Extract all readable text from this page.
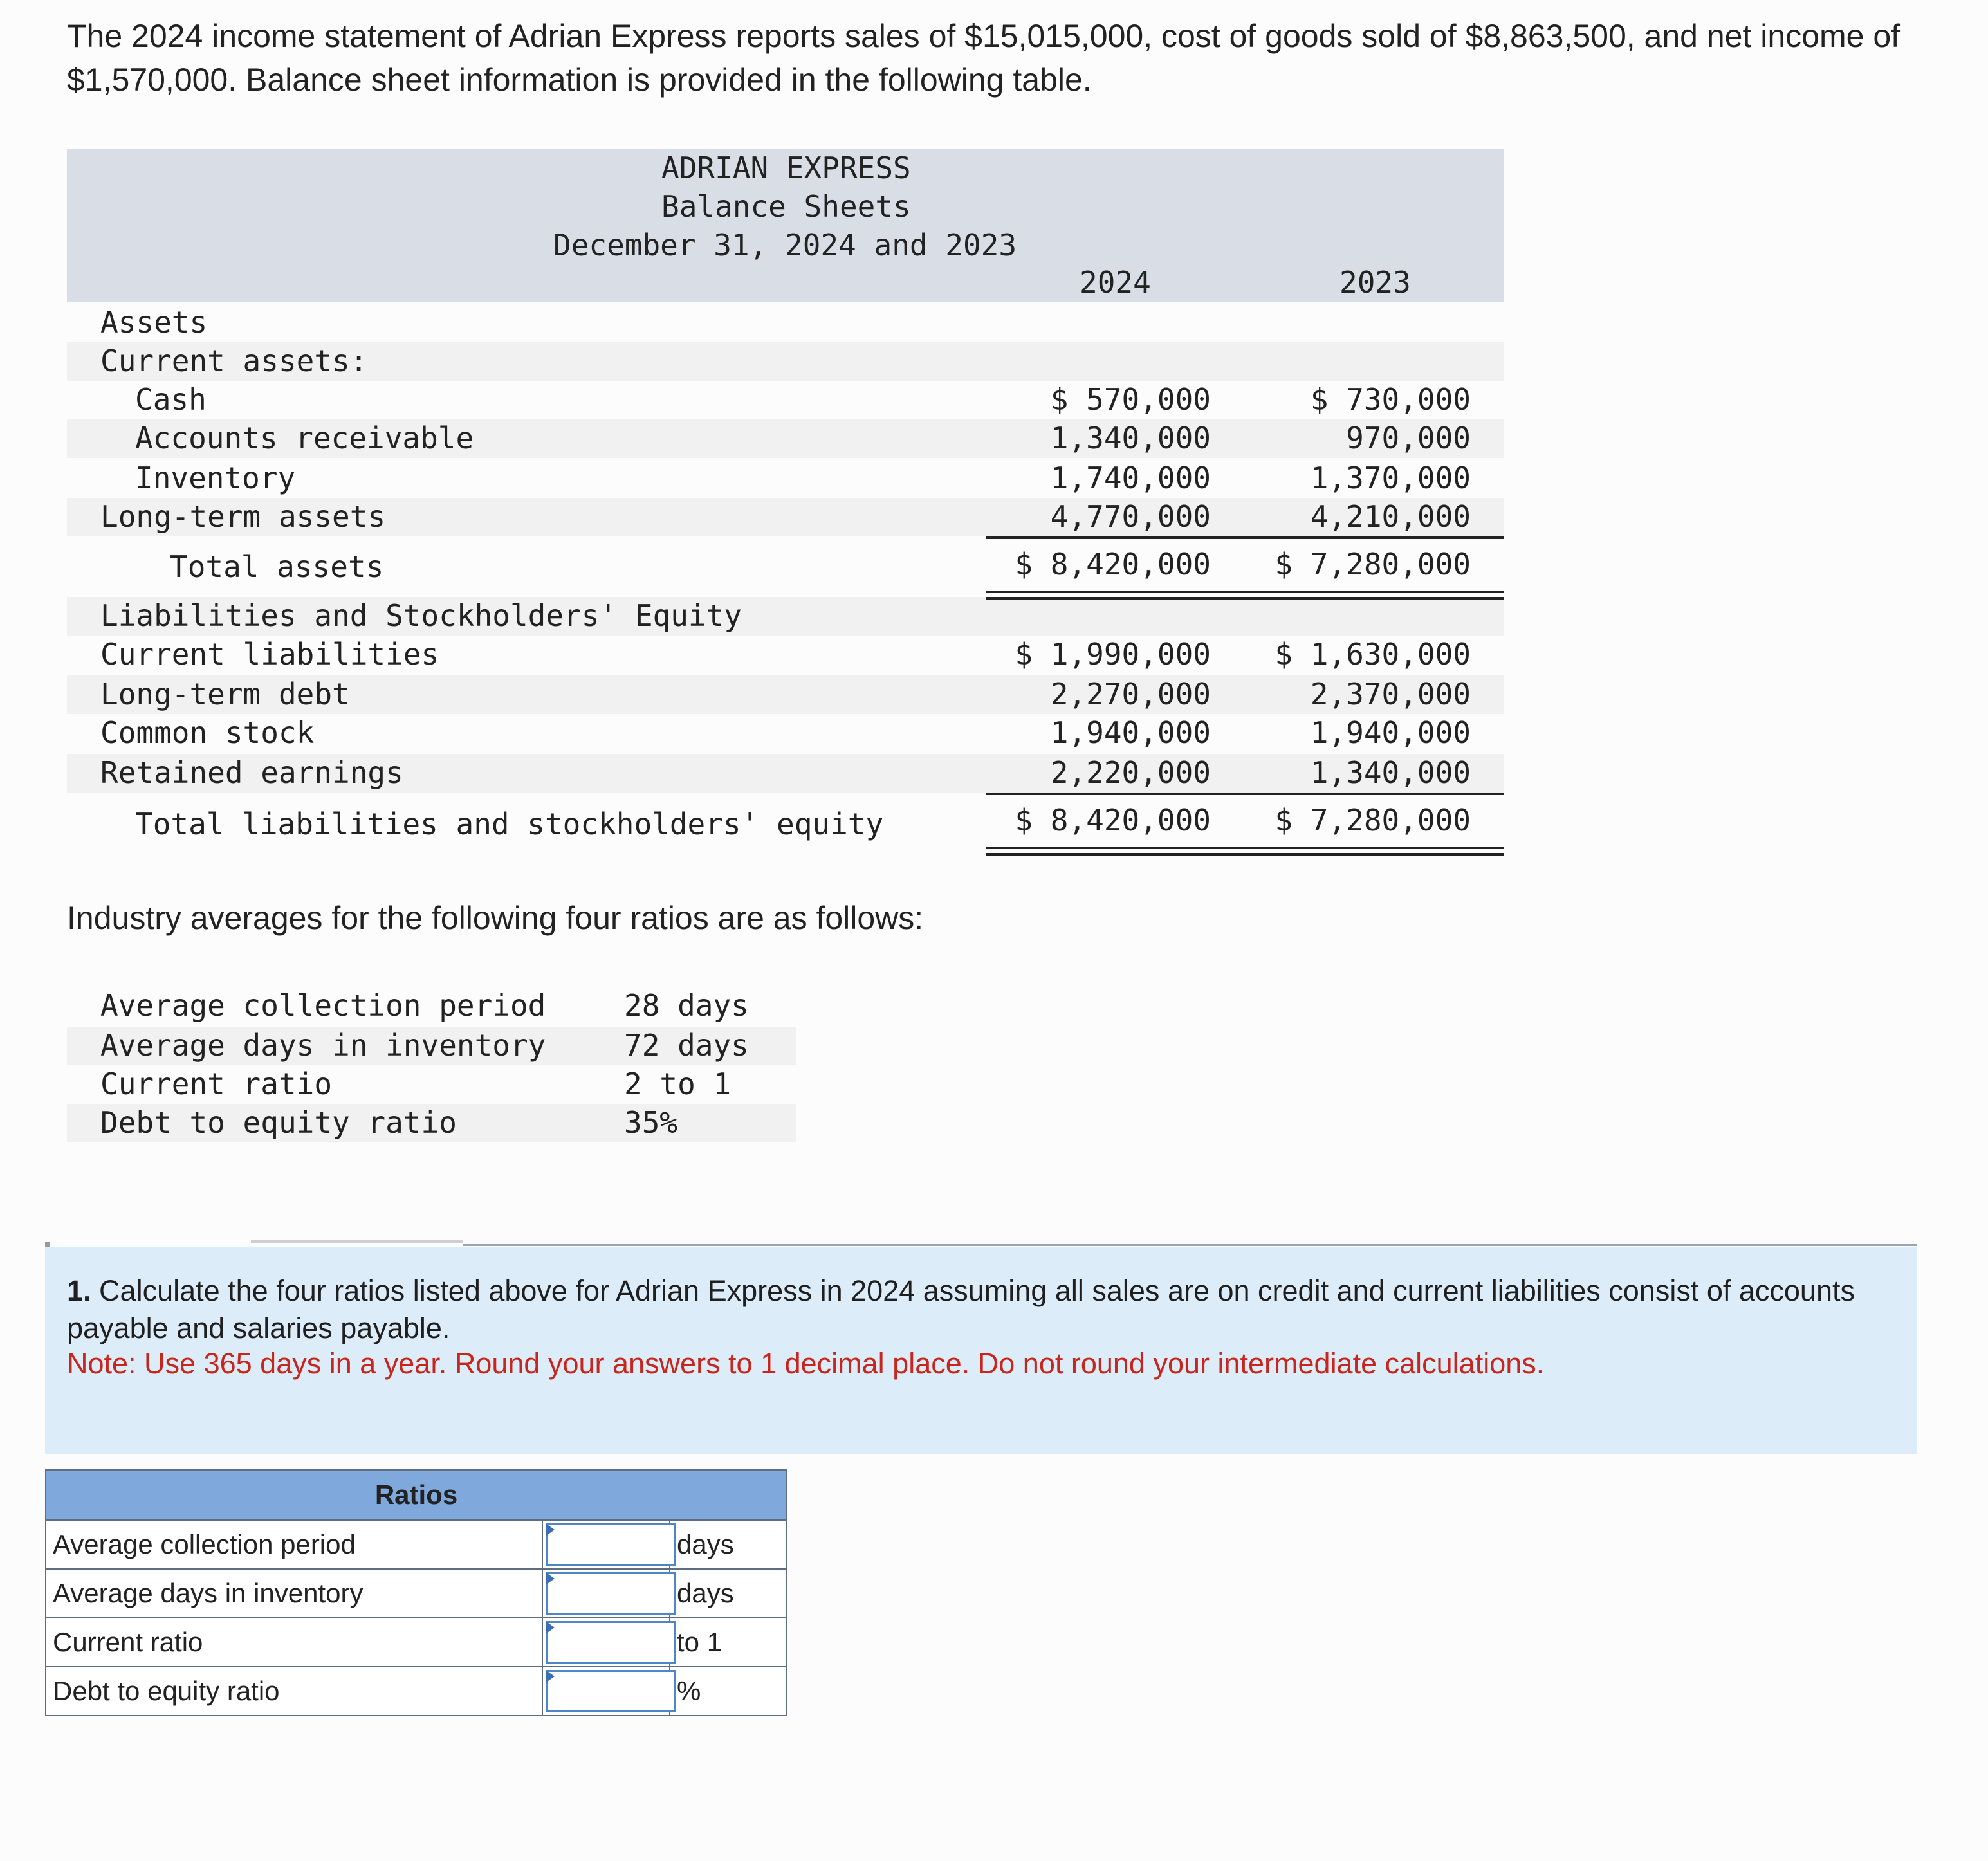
The 2024 income statement of Adrian Express reports sales of $15,015,000, cost of goods sold of $8,863,500, and net income of $1,570,000. Balance sheet information is provided in the following table.

ADRIAN EXPRESS
Balance Sheets
December 31, 2024 and 2023
2024	2023
Assets
Current assets:
Cash	$ 570,000	$ 730,000
Accounts receivable	1,340,000	970,000
Inventory	1,740,000	1,370,000
Long-term assets	4,770,000	4,210,000
Total assets	$ 8,420,000 $ 7,280,000
Liabilities and Stockholders' Equity
Current liabilities	$ 1,990,000 $ 1,630,000
Long-term debt	2,270,000	2,370,000
Common stock	1,940,000	1,940,000
Retained earnings	2,220,000	1,340,000
Total liabilities and stockholders' equity	$ 8,420,000 $ 7,280,000

Industry averages for the following four ratios are as follows:

Average collection period	28 days
Average days in inventory	72 days
Current ratio	2 to 1
Debt to equity ratio	35%

1. Calculate the four ratios listed above for Adrian Express in 2024 assuming all sales are on credit and current liabilities consist of accounts payable and salaries payable.

Note: Use 365 days in a year. Round your answers to 1 decimal place. Do not round your intermediate calculations.

Ratios		
Average collection period		days
Average days in inventory		days
Current ratio		to 1
Debt to equity ratio		%
